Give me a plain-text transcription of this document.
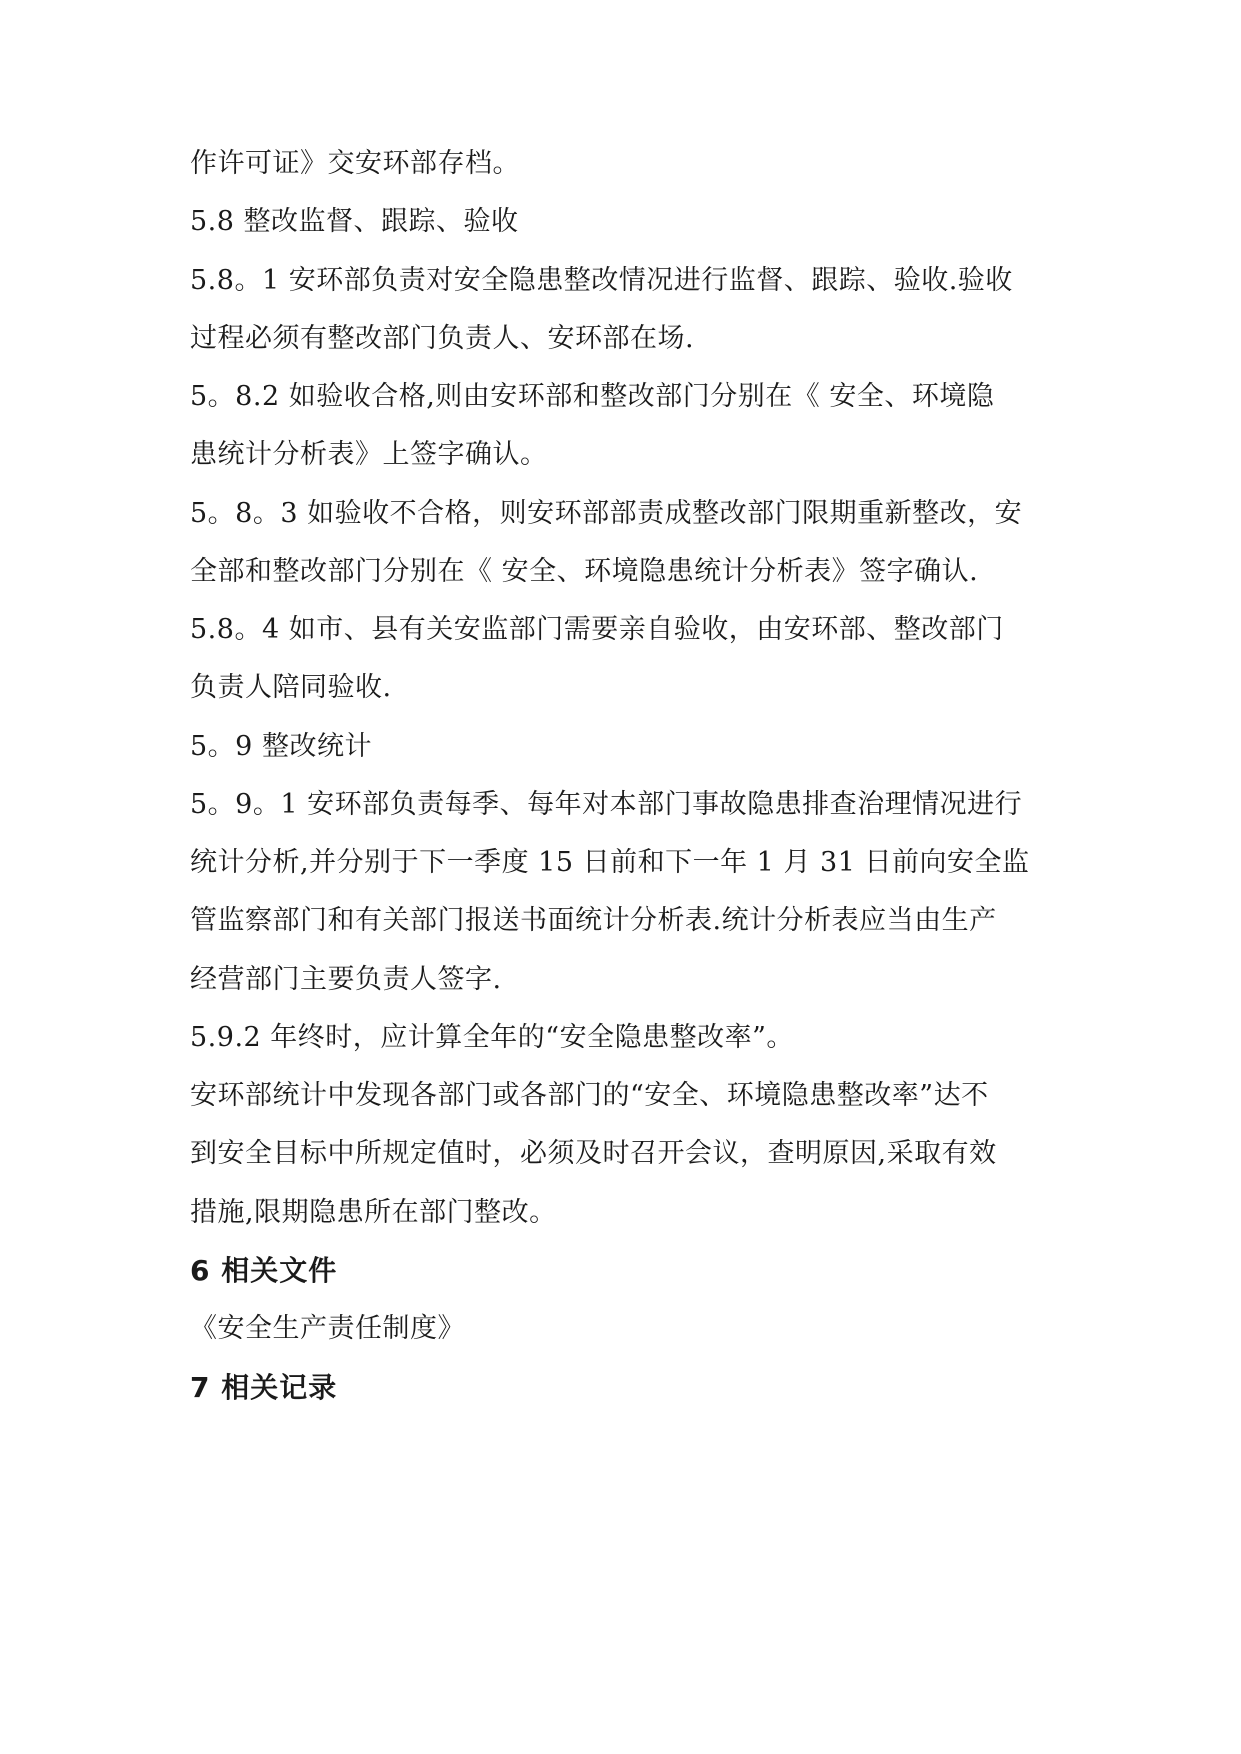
作许可证》交安环部存档。
5.8 整改监督、跟踪、验收
5.8。1 安环部负责对安全隐患整改情况进行监督、跟踪、验收.验收
过程必须有整改部门负责人、安环部在场.
5。8.2 如验收合格,则由安环部和整改部门分别在《 安全、环境隐
患统计分析表》上签字确认。
5。8。3 如验收不合格，则安环部部责成整改部门限期重新整改，安
全部和整改部门分别在《 安全、环境隐患统计分析表》签字确认.
5.8。4 如市、县有关安监部门需要亲自验收，由安环部、整改部门
负责人陪同验收.
5。9 整改统计
5。9。1 安环部负责每季、每年对本部门事故隐患排查治理情况进行
统计分析,并分别于下一季度 15 日前和下一年 1 月 31 日前向安全监
管监察部门和有关部门报送书面统计分析表.统计分析表应当由生产
经营部门主要负责人签字.
5.9.2 年终时，应计算全年的“安全隐患整改率”。
安环部统计中发现各部门或各部门的“安全、环境隐患整改率”达不
到安全目标中所规定值时，必须及时召开会议，查明原因,采取有效
措施,限期隐患所在部门整改。
6 相关文件
《安全生产责任制度》
7 相关记录
